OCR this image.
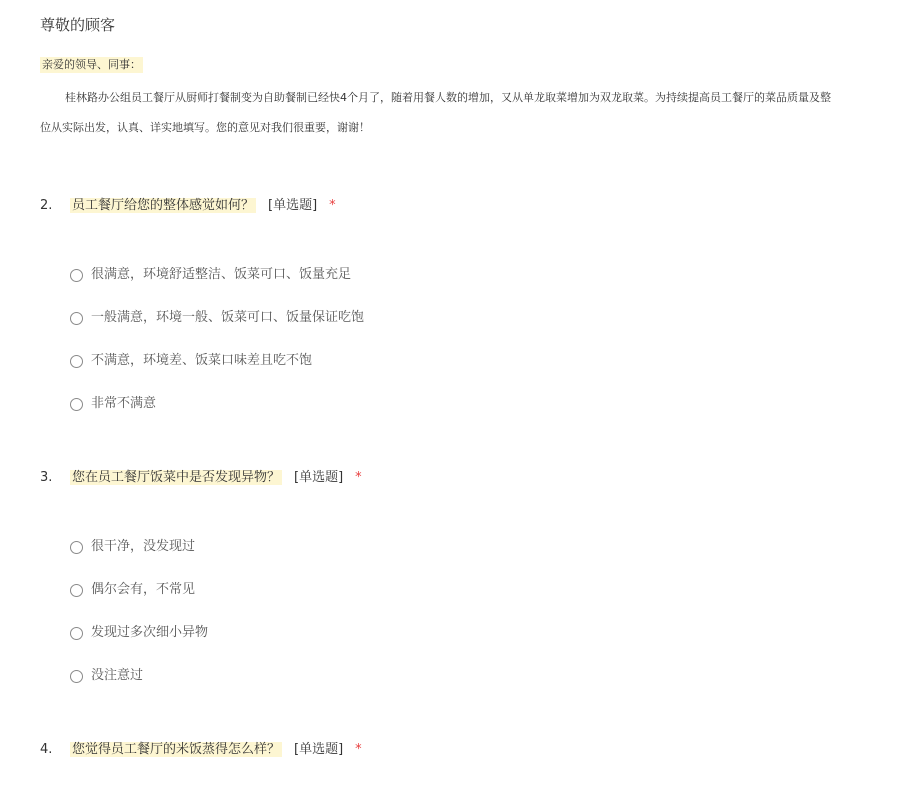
尊敬的顾客
亲爱的领导、同事：
桂林路办公组员工餐厅从厨师打餐制变为自助餐制已经快4个月了，随着用餐人数的增加，又从单龙取菜增加为双龙取菜。为持续提高员工餐厅的菜品质量及整
位从实际出发，认真、详实地填写。您的意见对我们很重要，谢谢！
2. 员工餐厅给您的整体感觉如何？ [单选题] *
很满意，环境舒适整洁、饭菜可口、饭量充足
一般满意，环境一般、饭菜可口、饭量保证吃饱
不满意，环境差、饭菜口味差且吃不饱
非常不满意
3. 您在员工餐厅饭菜中是否发现异物？ [单选题] *
很干净，没发现过
偶尔会有，不常见
发现过多次细小异物
没注意过
4. 您觉得员工餐厅的米饭蒸得怎么样？ [单选题] *
